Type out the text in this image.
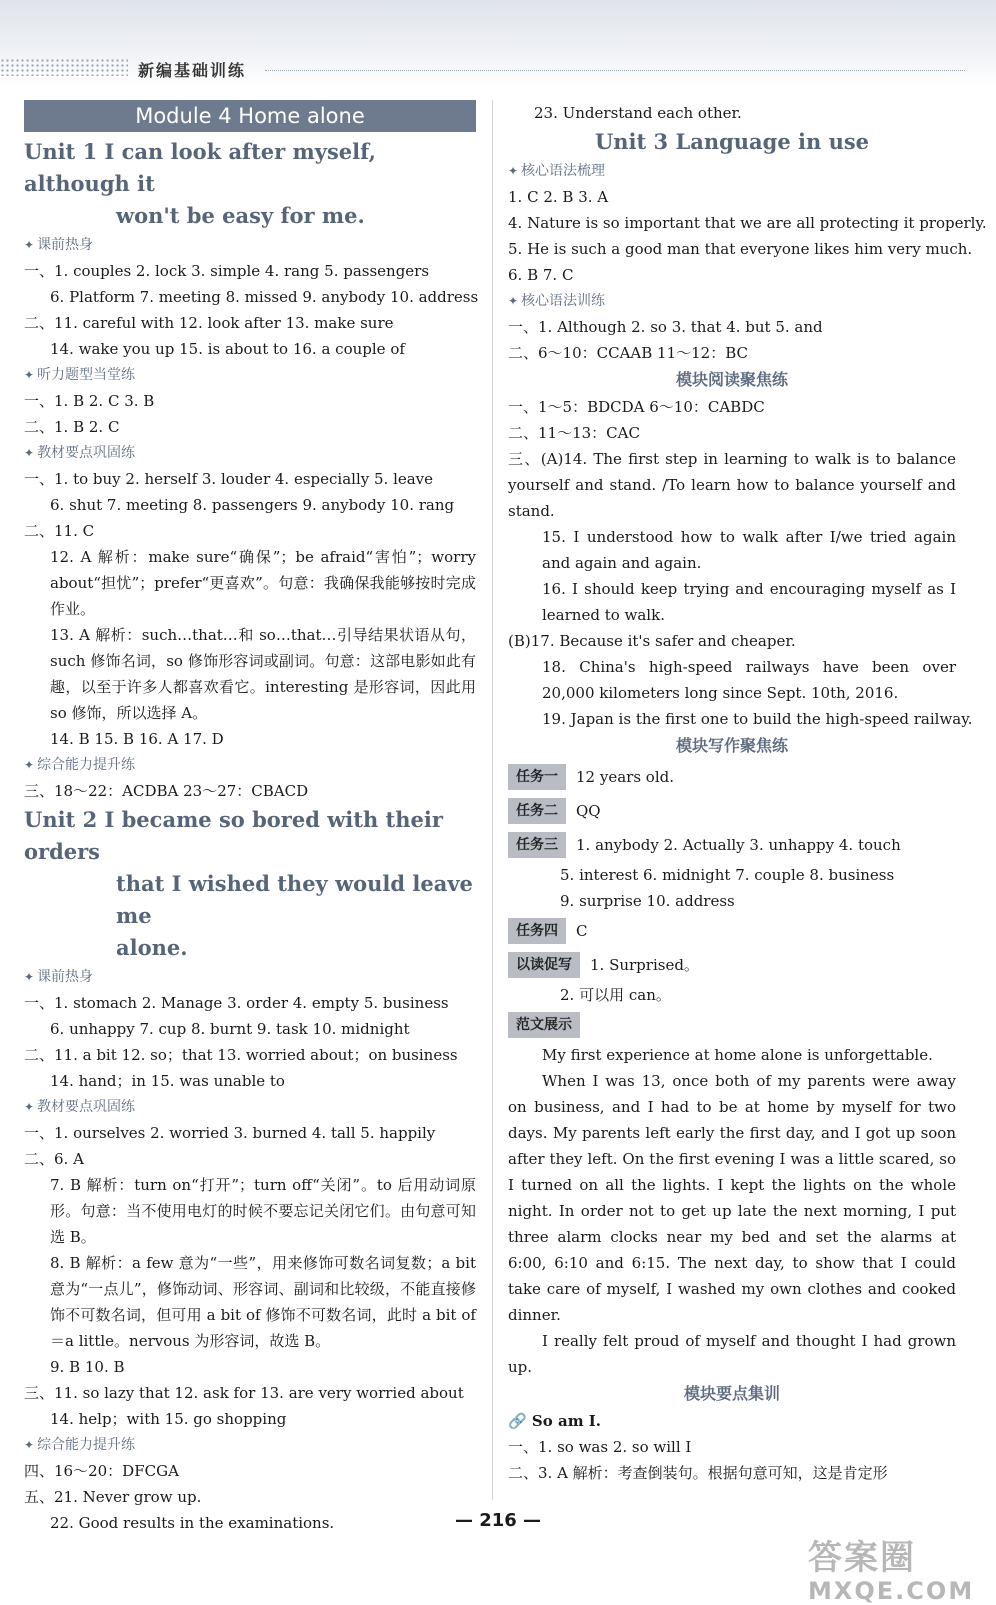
新编基础训练
Module 4 Home alone
Unit 1 I can look after myself, although it
won't be easy for me.
✦ 课前热身
一、1. couples 2. lock 3. simple 4. rang 5. passengers
6. Platform 7. meeting 8. missed 9. anybody 10. address
二、11. careful with 12. look after 13. make sure
14. wake you up 15. is about to 16. a couple of
✦ 听力题型当堂练
一、1. B 2. C 3. B
二、1. B 2. C
✦ 教材要点巩固练
一、1. to buy 2. herself 3. louder 4. especially 5. leave
6. shut 7. meeting 8. passengers 9. anybody 10. rang
二、11. C
12. A 解析：make sure“确保”；be afraid“害怕”；worry about“担忧”；prefer“更喜欢”。句意：我确保我能够按时完成作业。
13. A 解析：such…that…和 so…that…引导结果状语从句，such 修饰名词，so 修饰形容词或副词。句意：这部电影如此有趣，以至于许多人都喜欢看它。interesting 是形容词，因此用 so 修饰，所以选择 A。
14. B 15. B 16. A 17. D
✦ 综合能力提升练
三、18～22：ACDBA 23～27：CBACD
Unit 2 I became so bored with their orders
that I wished they would leave me
alone.
✦ 课前热身
一、1. stomach 2. Manage 3. order 4. empty 5. business
6. unhappy 7. cup 8. burnt 9. task 10. midnight
二、11. a bit 12. so；that 13. worried about；on business
14. hand；in 15. was unable to
✦ 教材要点巩固练
一、1. ourselves 2. worried 3. burned 4. tall 5. happily
二、6. A
7. B 解析：turn on“打开”；turn off“关闭”。to 后用动词原形。句意：当不使用电灯的时候不要忘记关闭它们。由句意可知选 B。
8. B 解析：a few 意为“一些”，用来修饰可数名词复数；a bit 意为“一点儿”，修饰动词、形容词、副词和比较级，不能直接修饰不可数名词，但可用 a bit of 修饰不可数名词，此时 a bit of＝a little。nervous 为形容词，故选 B。
9. B 10. B
三、11. so lazy that 12. ask for 13. are very worried about
14. help；with 15. go shopping
✦ 综合能力提升练
四、16～20：DFCGA
五、21. Never grow up.
22. Good results in the examinations.
23. Understand each other.
Unit 3 Language in use
✦ 核心语法梳理
1. C 2. B 3. A
4. Nature is so important that we are all protecting it properly.
5. He is such a good man that everyone likes him very much.
6. B 7. C
✦ 核心语法训练
一、1. Although 2. so 3. that 4. but 5. and
二、6～10：CCAAB 11～12：BC
模块阅读聚焦练
一、1～5：BDCDA 6～10：CABDC
二、11～13：CAC
三、(A)14. The first step in learning to walk is to balance yourself and stand. /To learn how to balance yourself and stand.
15. I understood how to walk after I/we tried again and again and again.
16. I should keep trying and encouraging myself as I learned to walk.
(B)17. Because it's safer and cheaper.
18. China's high-speed railways have been over 20,000 kilometers long since Sept. 10th, 2016.
19. Japan is the first one to build the high-speed railway.
模块写作聚焦练
任务一	12 years old.
任务二	QQ
任务三	1. anybody 2. Actually 3. unhappy 4. touch
5. interest 6. midnight 7. couple 8. business
9. surprise 10. address
任务四	C
以读促写	1. Surprised。
2. 可以用 can。
范文展示
My first experience at home alone is unforgettable.
When I was 13, once both of my parents were away on business, and I had to be at home by myself for two days. My parents left early the first day, and I got up soon after they left. On the first evening I was a little scared, so I turned on all the lights. I kept the lights on the whole night. In order not to get up late the next morning, I put three alarm clocks near my bed and set the alarms at 6:00, 6:10 and 6:15. The next day, to show that I could take care of myself, I washed my own clothes and cooked dinner.
I really felt proud of myself and thought I had grown up.
模块要点集训
🔗 So am I.
一、1. so was 2. so will I
二、3. A 解析：考查倒装句。根据句意可知，这是肯定形
— 216 —
答案圈
MXQE.COM
